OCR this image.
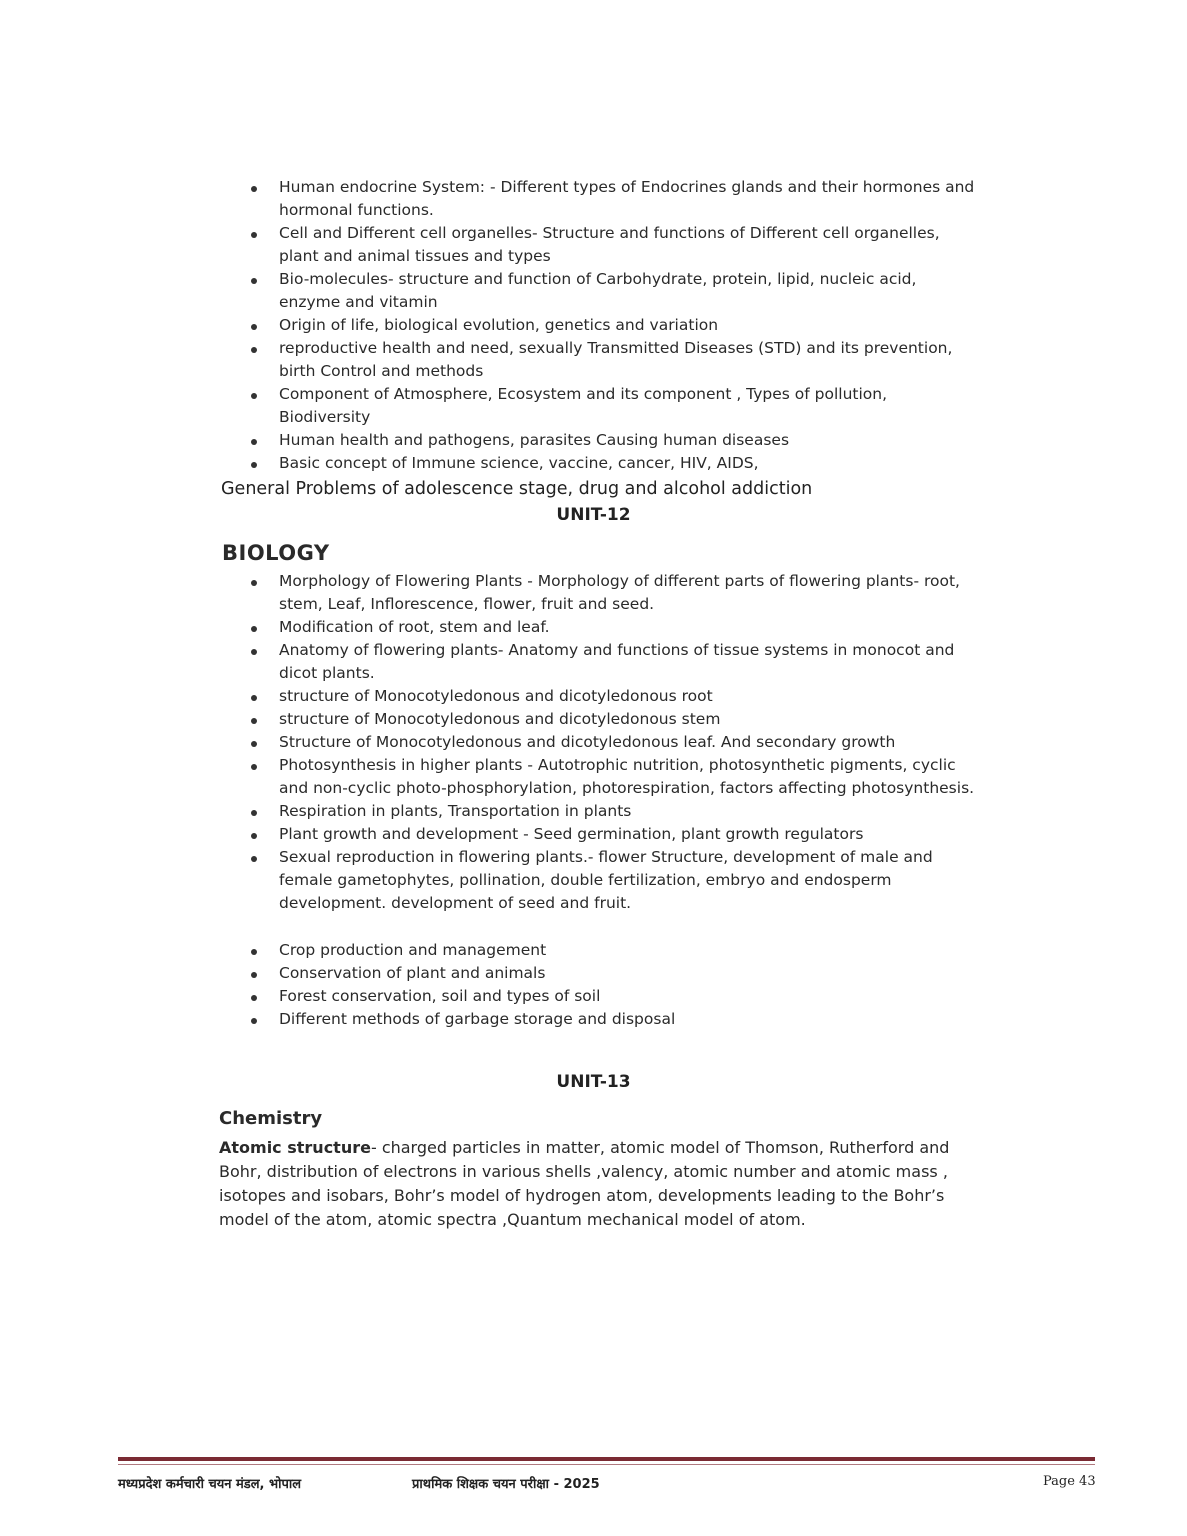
Human endocrine System: - Different types of Endocrines glands and their hormones and hormonal functions.
Cell and Different cell organelles- Structure and functions of Different cell organelles, plant and animal tissues and types
Bio-molecules- structure and function of Carbohydrate, protein, lipid, nucleic acid, enzyme and vitamin
Origin of life, biological evolution, genetics and variation
reproductive health and need, sexually Transmitted Diseases (STD) and its prevention, birth Control and methods
Component of Atmosphere, Ecosystem and its component , Types of pollution, Biodiversity
Human health and pathogens, parasites Causing human diseases
Basic concept of Immune science, vaccine, cancer, HIV, AIDS,
General Problems of adolescence stage, drug and alcohol addiction
UNIT-12
BIOLOGY
Morphology of Flowering Plants - Morphology of different parts of flowering plants- root, stem, Leaf, Inflorescence, flower, fruit and seed.
Modification of root, stem and leaf.
Anatomy of flowering plants- Anatomy and functions of tissue systems in monocot and dicot plants.
structure of Monocotyledonous and dicotyledonous root
structure of Monocotyledonous and dicotyledonous stem
Structure of Monocotyledonous and dicotyledonous leaf. And secondary growth
Photosynthesis in higher plants - Autotrophic nutrition, photosynthetic pigments, cyclic and non-cyclic photo-phosphorylation, photorespiration, factors affecting photosynthesis.
Respiration in plants, Transportation in plants
Plant growth and development - Seed germination, plant growth regulators
Sexual reproduction in flowering plants.- flower Structure, development of male and female gametophytes, pollination, double fertilization, embryo and endosperm development. development of seed and fruit.
Crop production and management
Conservation of plant and animals
Forest conservation, soil and types of soil
Different methods of garbage storage and disposal
UNIT-13
Chemistry
Atomic structure- charged particles in matter, atomic model of Thomson, Rutherford and Bohr, distribution of electrons in various shells ,valency, atomic number and atomic mass , isotopes and isobars, Bohr’s model of hydrogen atom, developments leading to the Bohr’s model of the atom, atomic spectra ,Quantum mechanical model of atom.
मध्यप्रदेश कर्मचारी चयन मंडल, भोपाल	प्राथमिक शिक्षक चयन परीक्षा - 2025	Page 43
